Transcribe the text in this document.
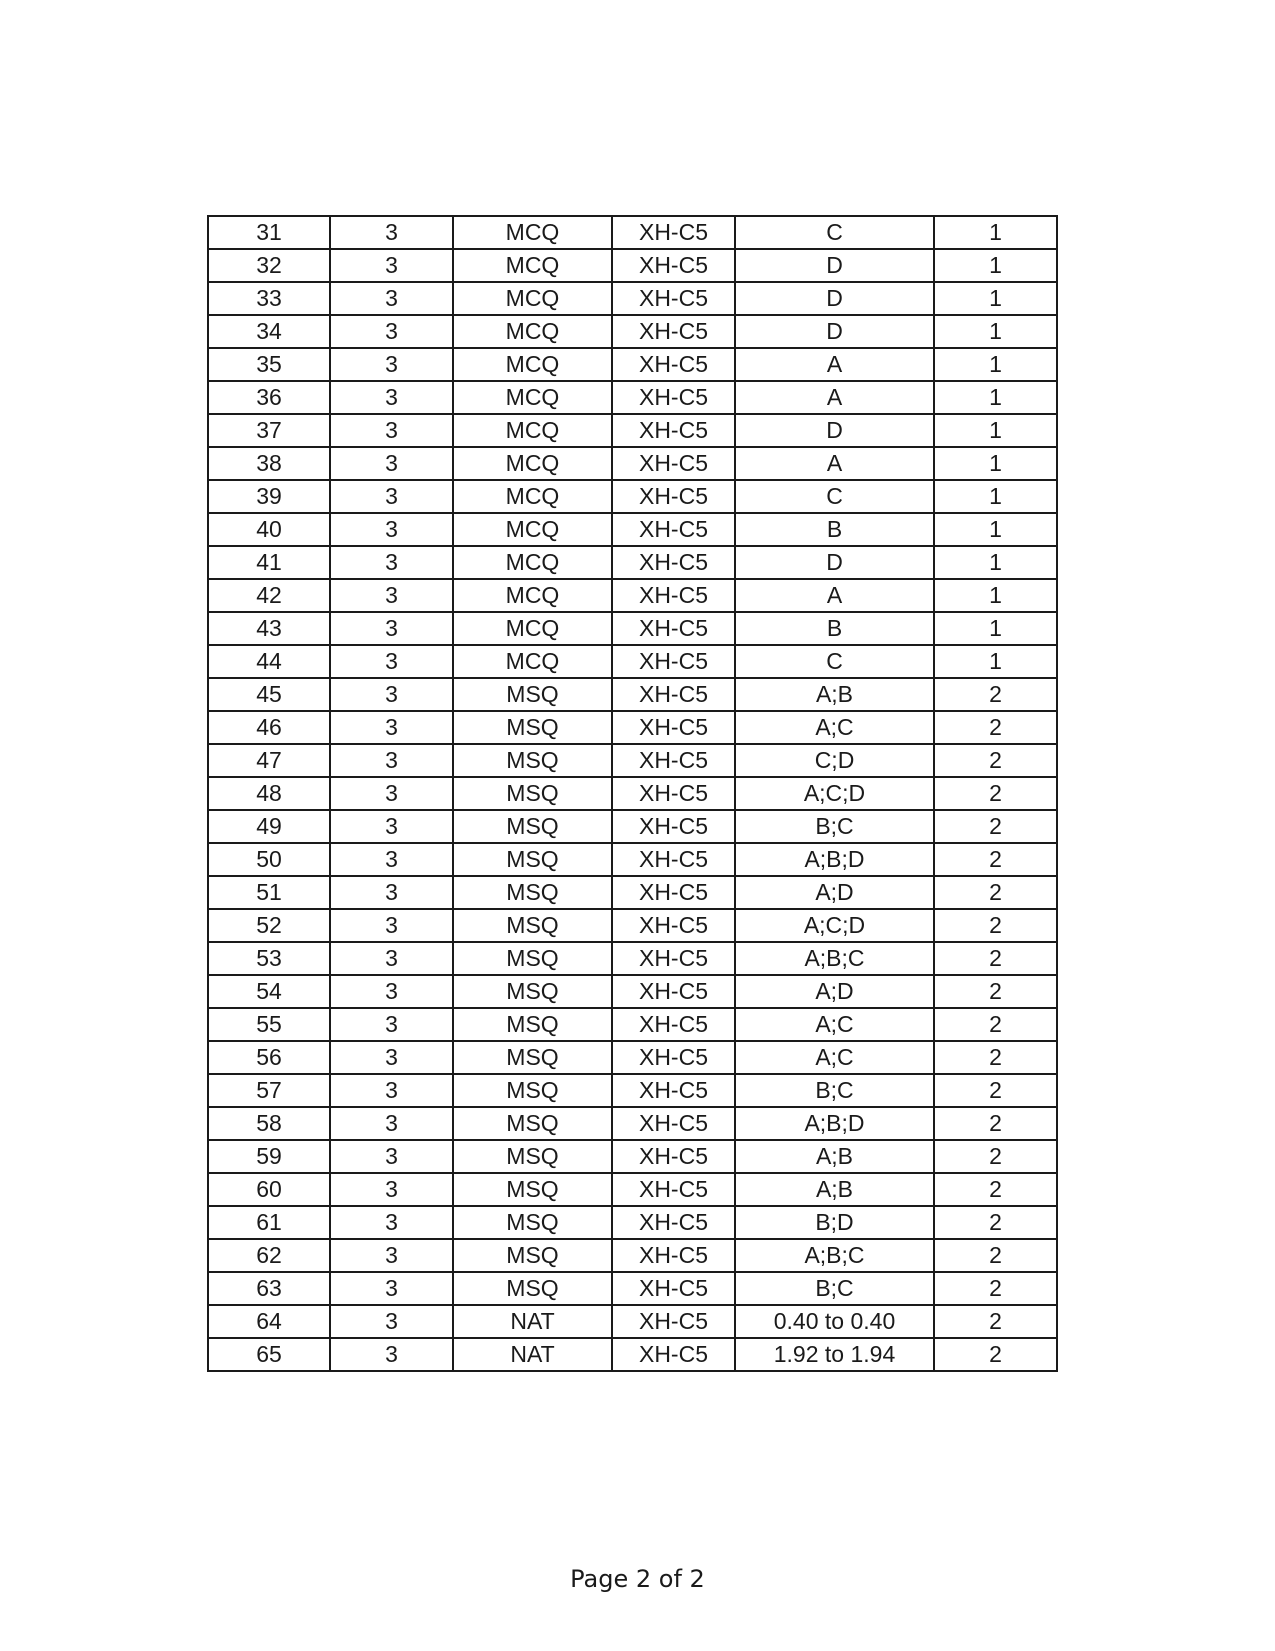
31	3	MCQ	XH-C5	C	1
32	3	MCQ	XH-C5	D	1
33	3	MCQ	XH-C5	D	1
34	3	MCQ	XH-C5	D	1
35	3	MCQ	XH-C5	A	1
36	3	MCQ	XH-C5	A	1
37	3	MCQ	XH-C5	D	1
38	3	MCQ	XH-C5	A	1
39	3	MCQ	XH-C5	C	1
40	3	MCQ	XH-C5	B	1
41	3	MCQ	XH-C5	D	1
42	3	MCQ	XH-C5	A	1
43	3	MCQ	XH-C5	B	1
44	3	MCQ	XH-C5	C	1
45	3	MSQ	XH-C5	A;B	2
46	3	MSQ	XH-C5	A;C	2
47	3	MSQ	XH-C5	C;D	2
48	3	MSQ	XH-C5	A;C;D	2
49	3	MSQ	XH-C5	B;C	2
50	3	MSQ	XH-C5	A;B;D	2
51	3	MSQ	XH-C5	A;D	2
52	3	MSQ	XH-C5	A;C;D	2
53	3	MSQ	XH-C5	A;B;C	2
54	3	MSQ	XH-C5	A;D	2
55	3	MSQ	XH-C5	A;C	2
56	3	MSQ	XH-C5	A;C	2
57	3	MSQ	XH-C5	B;C	2
58	3	MSQ	XH-C5	A;B;D	2
59	3	MSQ	XH-C5	A;B	2
60	3	MSQ	XH-C5	A;B	2
61	3	MSQ	XH-C5	B;D	2
62	3	MSQ	XH-C5	A;B;C	2
63	3	MSQ	XH-C5	B;C	2
64	3	NAT	XH-C5	0.40 to 0.40	2
65	3	NAT	XH-C5	1.92 to 1.94	2
Page 2 of 2
